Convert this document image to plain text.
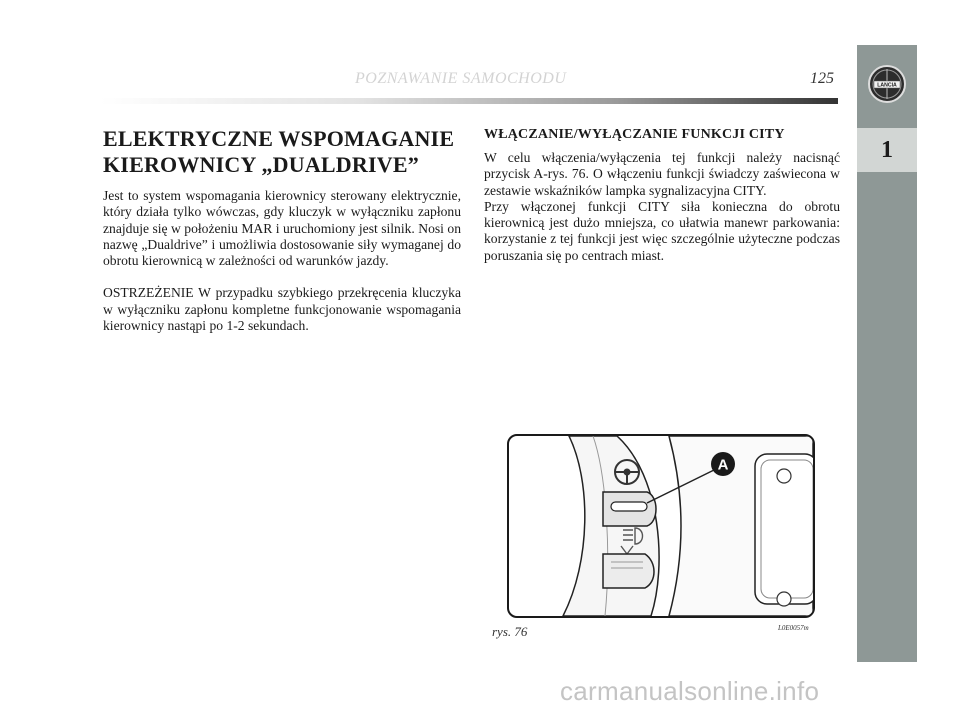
POZNAWANIE SAMOCHODU	125	LANCIA
1
ELEKTRYCZNE WSPOMAGANIE
KIEROWNICY „DUALDRIVE”

Jest to system wspomagania kierownicy sterowany elektrycznie, który działa tylko wówczas, gdy kluczyk w wyłączniku zapłonu znajduje się w położeniu MAR i uruchomiony jest silnik. Nosi on nazwę „Dualdrive” i umożliwia dostosowanie siły wymaganej do obrotu kierownicą w zależności od warunków jazdy.

OSTRZEŻENIE W przypadku szybkiego przekręcenia kluczyka w wyłączniku zapłonu kompletne funkcjonowanie wspomagania kierownicy nastąpi po 1-2 sekundach.

WŁĄCZANIE/WYŁĄCZANIE FUNKCJI CITY

W celu włączenia/wyłączenia tej funkcji należy nacisnąć przycisk A-rys. 76. O włączeniu funkcji świadczy zaświecona w zestawie wskaźników lampka sygnalizacyjna CITY.

Przy włączonej funkcji CITY siła konieczna do obrotu kierownicą jest dużo mniejsza, co ułatwia manewr parkowania: korzystanie z tej funkcji jest więc szczególnie użyteczne podczas poruszania się po centrach miast.

A
rys. 76	L0E0057m
carmanualsonline.info
